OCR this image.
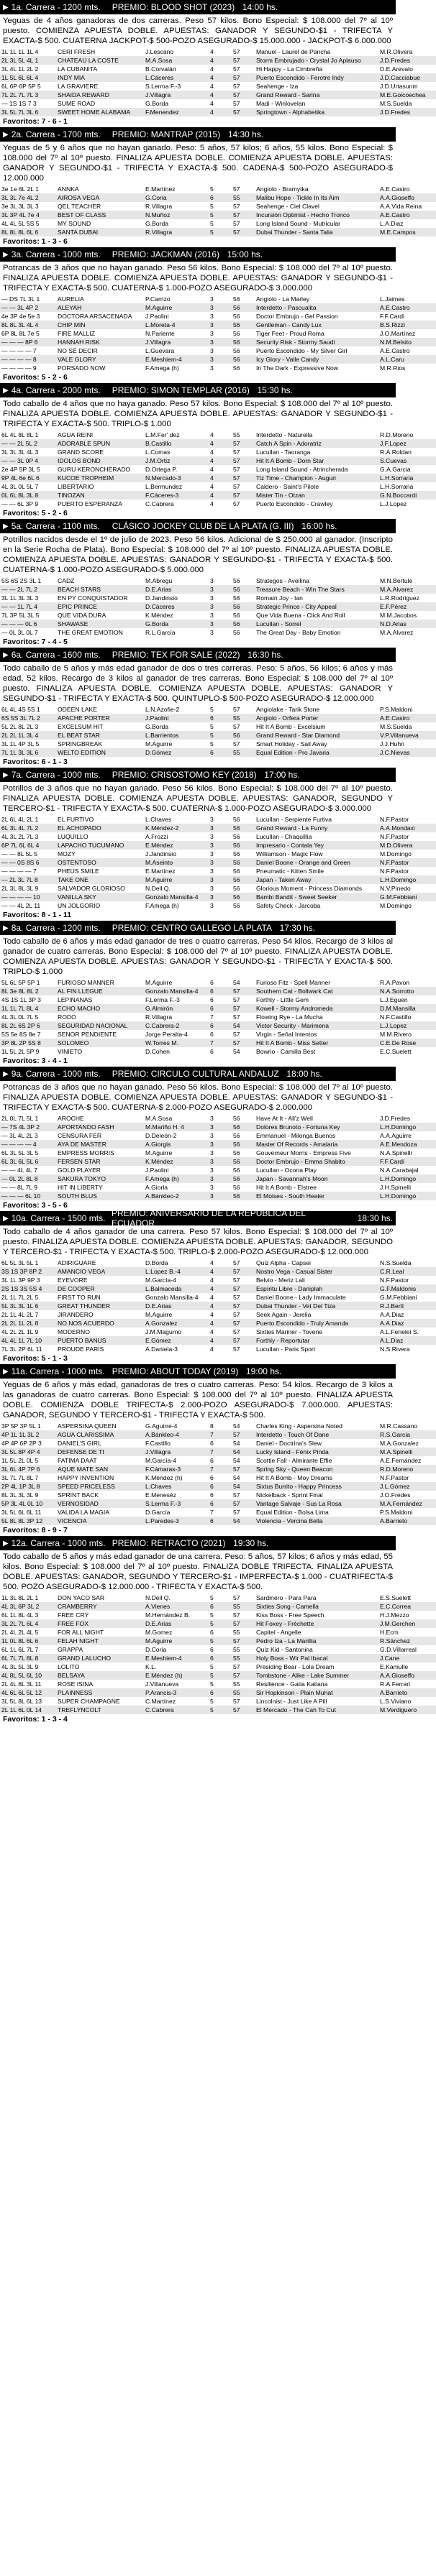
▶ 1a. Carrera - 1200 mts.	PREMIO: BLOOD SHOT (2023) 14:00 hs.
Yeguas de 4 años ganadoras de dos carreras. Peso 57 kilos. Bono Especial: $ 108.000 del 7º al 10º puesto. COMIENZA APUESTA DOBLE. APUESTAS: GANADOR Y SEGUNDO-$1 - TRIFECTA Y EXACTA-$ 500. CUATERNA JACKPOT-$ 500-POZO ASEGURADO-$ 15.000.000 - JACKPOT-$ 6.000.000
1L 1L 1L 1L 4	CERI FRESH	J.Lescano	4	57	Manuel - Laurel de Pancha	M.R.Olivera
2L 3L 5L 4L 1	CHATEAU LA COSTE	M.A.Sosa	4	57	Storm Embrujado - Crystal Jo Aplauso	J.D.Fredes
3L 4L 1L 2L 2	LA CUBANITA	B.Corvalán	4	57	Hi Happy - La Cimbreña	D.E.Arevalo
1L 5L 6L 6L 4	INDY MIA	L.Cáceres	4	57	Puerto Escondido - Ferotre Indy	J.D.Cacciabue
6L 6P 6P 5P 5	LA GRAVIERE	S.Lerma F.-3	4	57	Seahenge - Iza	J.D.Urtasunm
7L 2L 7L 7L 3	SHAIDA REWARD	J.Villagra	4	57	Grand Reward - Sarina	M.E.Goicoechea
— 1S 1S 7 3	SUME ROAD	G.Borda	4	57	Madi - Winlovelan	M.S.Suelda
3L 5L 7L 3L 6	SWEET HOME ALABAMA	F.Menendez	4	57	Springtown - Alphabetika	J.D.Fredes
Favoritos: 7 - 6 - 1
▶ 2a. Carrera - 1700 mts.	PREMIO: MANTRAP (2015) 14:30 hs.
Yeguas de 5 y 6 años que no hayan ganado. Peso: 5 años, 57 kilos; 6 años, 55 kilos. Bono Especial: $ 108.000 del 7º al 10º puesto. FINALIZA APUESTA DOBLE. COMIENZA APUESTA DOBLE. APUESTAS: GANADOR Y SEGUNDO-$1 - TRIFECTA Y EXACTA-$ 500. CADENA-$ 500-POZO ASEGURADO-$ 12.000.000
3e 1e 6L 2L 1	ANNKA	E.Martínez	5	57	Angiolo - Bramytka	A.E.Castro
3L 3L 7e 4L 2	AIROSA VEGA	G.Coria	6	55	Malibu Hope - Tickle In Its Aim	A.A.Gioseffo
3e 3L 3L 3L 3	QEL TEACHER	R.Villagra	5	57	Seahenge - Ciel Clavel	A.A.Vida Reina
3L 3P 4L 7e 4	BEST OF CLASS	N.Muñoz	5	57	Incursión Optimist - Hecho Tronco	A.E.Castro
4L 4L 5L 5S 5	MY SOUND	G.Borda	5	57	Long Island Sound - Mutricular	L.A.Diaz
8L 8L 8L 6L 6	SANTA DUBAI	R.Villagra	5	57	Dubai Thunder - Santa Talia	M.E.Campos
Favoritos: 1 - 3 - 6
▶ 3a. Carrera - 1000 mts.	PREMIO: JACKMAN (2016) 15:00 hs.
Potrancas de 3 años que no hayan ganado. Peso 56 kilos. Bono Especial: $ 108.000 del 7º al 10º puesto. FINALIZA APUESTA DOBLE. COMIENZA APUESTA DOBLE. APUESTAS: GANADOR Y SEGUNDO-$1 - TRIFECTA Y EXACTA-$ 500. CUATERNA-$ 1.000-POZO ASEGURADO-$ 3.000.000
— DS 7L 3L 1	AURELIA	P.Carrizo	3	56	Angiolo - La Marley	L.Jaimes
— — 3L 4P 2	ALEYAH	M.Aguirre	3	56	Interdetto - Pascualita	A.E.Castro
4e 3P 4e 5e 3	DOCTORA ARSACENADA	J.Paolini	3	56	Doctor Embrujo - Gel Passion	F.F.Cardi
8L 8L 3L 4L 4	CHIP MIN	L.Moreta-4	3	56	Gentleman - Candy Lux	B.S.Rizzi
6P 8L 8L 7e 5	FIRE MALLIZ	N.Pariente	3	56	Tiger Feet - Proud Roma	J.O.Martínez
— — — 8P 6	HANNAH RISK	J.Villagra	3	56	Security Risk - Stormy Saudi	N.M.Belsito
— — — — 7	NO SÉ DECIR	L.Guevara	3	56	Puerto Escondido - My Silver Girl	A.E.Castro
— — — — 8	VALE GLORY	E.Meshiem-4	3	56	Icy Glory - Valle Candy	A.L.Caru
— — — — 9	PORSADO NOW	F.Amega (h)	3	56	In The Dark - Expressive Now	M.R.Rios
Favoritos: 5 - 2 - 6
▶ 4a. Carrera - 2000 mts.	PREMIO: SIMON TEMPLAR (2016) 15:30 hs.
Todo caballo de 4 años que no haya ganado. Peso 57 kilos. Bono Especial: $ 108.000 del 7º al 10º puesto. FINALIZA APUESTA DOBLE. COMIENZA APUESTA DOBLE. APUESTAS: GANADOR Y SEGUNDO-$1 - TRIFECTA Y EXACTA-$ 500. TRIPLO-$ 1.000
6L 4L 8L 8L 1	AGUA REINI	L.M.Fer' dez	4	55	Interdetto - Naturella	R.D.Moreno
— — 2L 5L 2	ADORABLE SPUN	B.Castillo	4	57	Catch A Spin - Adoratriz	J.F.Lopez
3L 3L 3L 4L 3	GRAND SCORE	L.Comas	4	57	Lucullan - Taoranga	R.A.Roldan
— — 3L 0P 4	IDOLOS BOND	J.M.Ortiz	4	57	Hit It A Bomb - Dorn Star	S.Cuevas
2e 4P 5P 3L 5	GURU KERONCHERADO	D.Ortega P.	4	57	Long Island Sound - Atrincherada	G.A.Garcia
9P 4L 6e 6L 6	KUCOE TROPHEIM	N.Mercado-3	4	57	Tiz Time - Champion - Auguri	L.H.Sorraria
4L 3L 0L 5L 7	LIBERTARIO	L.Bermundez	4	57	Caldero - Saint's Pilote	L.H.Sorraria
0L 6L 8L 3L 8	TINOZAN	F.Cáceres-3	4	57	Mister Tin - Otzan	G.N.Boccardi
— — 6L 3P 9	PUERTO ESPERANZA	C.Cabrera	4	57	Puerto Escondido - Crawley	L.J.Lopez
Favoritos: 5 - 2 - 6
▶ 5a. Carrera - 1100 mts.	CLÁSICO JOCKEY CLUB DE LA PLATA (G. III) 16:00 hs.
Potrillos nacidos desde el 1º de julio de 2023. Peso 56 kilos. Adicional de $ 250.000 al ganador. (Inscripto en la Serie Rocha de Plata). Bono Especial: $ 108.000 del 7º al 10º puesto. FINALIZA APUESTA DOBLE. COMIENZA APUESTA DOBLE. APUESTAS: GANADOR Y SEGUNDO-$1 - TRIFECTA Y EXACTA-$ 500. CUATERNA-$ 1.000-POZO ASEGURADO-$ 5.000.000
5S 6S 2S 3L 1	CADZ	M.Abregu	3	56	Strategos - Avellina	M.N.Bertule
— — 2L 7L 2	BEACH STARS	D.E.Arias	3	56	Treasure Beach - Win The Stars	M.A.Alvarez
3L 1L 3L 3L 3	EN PY CONQUISTADOR	D.Jandinsio	3	56	Romain Joy - Ian	L.R.Rodriguez
— — 1L 7L 4	EPIC PRINCE	D.Cáceres	3	56	Strategic Prince - City Appeal	E.F.Pérez
7L 3P 5L 3L 5	QUE VIDA DURA	K.Méndez	3	56	Que Vida Buena - Click And Roll	M.M.Jacobos
— — — 0L 6	SHAWASE	G.Borda	3	56	Lucullan - Sorrel	N.D.Arias
— 0L 3L 0L 7	THE GREAT EMOTION	R.L.García	3	56	The Great Day - Baby Emotion	M.A.Alvarez
Favoritos: 7 - 4 - 5
▶ 6a. Carrera - 1600 mts.	PREMIO: TEX FOR SALE (2022) 16:30 hs.
Todo caballo de 5 años y más edad ganador de dos o tres carreras. Peso: 5 años, 56 kilos; 6 años y más edad, 52 kilos. Recargo de 3 kilos al ganador de tres carreras. Bono Especial: $ 108.000 del 7º al 10º puesto. FINALIZA APUESTA DOBLE. COMIENZA APUESTA DOBLE. APUESTAS: GANADOR Y SEGUNDO-$1 - TRIFECTA Y EXACTA-$ 500. QUINTUPLO-$ 500-POZO ASEGURADO-$ 12.000.000
6L 4L 4S 5S 1	ODEEN LAKE	L.N.Azofie-2	5	57	Angiolake - Tarik Stone	P.S.Maldoni
6S 5S 3L 7L 2	APACHE PORTER	J.Paolini	6	55	Angiolo - Orfera Porter	A.E.Castro
5L 2L 8L 2L 3	EXCELSUM HIT	G.Borda	5	57	Hit It A Bomb - Excelsium	M.S.Suelda
2L 2L 1L 3L 4	EL BEAT STAR	L.Barrientos	5	56	Grand Reward - Star Diamond	V.P.Villanueva
3L 1L 4P 3L 5	SPRINGBREAK	M.Aguirre	5	57	Smart Holiday - Sail Away	J.J.Huhn
7L 1L 3L 3L 6	WELTO EDITION	D.Gómez	6	55	Equal Edition - Pro Javaria	J.C.Nievas
Favoritos: 6 - 1 - 3
▶ 7a. Carrera - 1000 mts.	PREMIO: CRISOSTOMO KEY (2018) 17:00 hs.
Potrillos de 3 años que no hayan ganado. Peso 56 kilos. Bono Especial: $ 108.000 del 7º al 10º puesto. FINALIZA APUESTA DOBLE. COMIENZA APUESTA DOBLE. APUESTAS: GANADOR, SEGUNDO Y TERCERO-$1 - TRIFECTA Y EXACTA-$ 500. CUATERNA-$ 1.000-POZO ASEGURADO-$ 3.000.000
2L 6L 4L 2L 1	EL FURTIVO	L.Chaves	3	56	Lucullan - Serpiente Furtiva	N.F.Pastor
6L 3L 4L 7L 2	EL ACHOPADO	K.Méndez-2	3	56	Grand Reward - La Funny	A.A.Mondaxi
4L 3L 2L 7L 3	LUQUILLO	A.Frozzi	3	56	Lucullan - Chaquillia	N.F.Pastor
6P 7L 6L 6L 4	LAPACHO TUCUMANO	E.Méndez	3	56	Impresario - Contala Yey	M.D.Olivera
— — 8L 5L 5	MOZY	J.Jandinsio	3	56	Williamson - Magic Flow	M.Domingo
— — 0S 8S 6	OSTENTOSO	M.Aseinto	3	56	Daniel Boone - Orange and Green	N.F.Pastor
— — — — 7	PHEUS SMILE	E.Martínez	3	56	Pneumatic - Kitten Smile	N.F.Pastor
— 2L 3L 7L 8	TAKE ONE	M.Aguirre	3	56	Japan - Taken Away	L.H.Domingo
2L 3L 8L 3L 9	SALVADOR GLORIOSO	N.Dell Q.	3	56	Glorious Moment - Princess Diamonds	N.V.Pinedo
— — — — 10	VANILLA SKY	Gonzalo Mansilla-4	3	56	Bambi Bandit - Sweet Seeker	G.M.Febbiani
— — 4L 2L 11	UN JOLGORIO	F.Amega (h)	3	56	Safety Check - Jarcoba	M.Domingo
Favoritos: 8 - 1 - 11
▶ 8a. Carrera - 1200 mts.	PREMIO: CENTRO GALLEGO LA PLATA 17:30 hs.
Todo caballo de 6 años y más edad ganador de tres o cuatro carreras. Peso 54 kilos. Recargo de 3 kilos al ganador de cuatro carreras. Bono Especial: $ 108.000 del 7º al 10º puesto. FINALIZA APUESTA DOBLE. COMIENZA APUESTA DOBLE. APUESTAS: GANADOR Y SEGUNDO-$1 - TRIFECTA Y EXACTA-$ 500. TRIPLO-$ 1.000
5L 6L 5P 5P 1	FURIOSO MANNER	M.Aguirre	6	54	Furioso Fitz - Spell Manner	R.A.Pavon
8L 3e 8L 8L 2	AL FIN LLEGUE	Gonzalo Mansilla-4	6	57	Southern Cat - Bollwark Cat	N.A.Sorrotto
4S 1S 1L 3P 3	LEPINANAS	F.Lerma F.-3	6	57	Forthly - Little Gem	L.J.Eguen
1L 1L 7L 8L 4	ECHO MACHO	G.Almirón	6	57	Kowell - Stormy Andromeda	D.M.Mansilla
4L 3L 0L 7L 5	RODO	R.Villagra	7	57	Flowing Rye - La Mucha	N.F.Castillo
8L 2L 6S 2P 6	SEGURIDAD NACIONAL	C.Cabrera-2	6	54	Victor Security - Marimena	L.J.Lopez
5S 5e 8S 8e 7	SENOR PENDIENTE	Jorge Peralta-4	6	57	Virgin - Seňal Intentos	M.M.Rivero
3P 8L 2P 5S 8	SOLOMEO	W.Torres M.	7	57	Hit It A Bomb - Miss Setter	C.E.De Rose
1L 5L 2L 5P 9	VINIETO	D.Cohen	6	54	Bowrio - Camilla Best	E.C.Suelett
Favoritos: 3 - 4 - 1
▶ 9a. Carrera - 1000 mts.	PREMIO: CIRCULO CULTURAL ANDALUZ 18:00 hs.
Potrancas de 3 años que no hayan ganado. Peso 56 kilos. Bono Especial: $ 108.000 del 7º al 10º puesto. FINALIZA APUESTA DOBLE. COMIENZA APUESTA DOBLE. APUESTAS: GANADOR Y SEGUNDO-$1 - TRIFECTA Y EXACTA-$ 500. CUATERNA-$ 2.000-POZO ASEGURADO-$ 2.000.000
2L 0L 7L 5L 1	AROCHE	M.A.Sosa	3	56	Have At It - All'z Well	J.D.Fredes
— 7S 4L 3P 2	APORTANDO FASH	M.Mariño H. 4	3	56	Dolores Brunoto - Fortuna Key	L.H.Domingo
— 3L 4L 2L 3	CENSURA FER	D.Deleón-2	3	56	Emmanuel - Milonga Buenos	A.A.Aguirre
— — — — 4	AYA DE MASTER	A.Giorgis	3	56	Master Of Records - Amalaria	A.E.Mendoza
6L 3L 5L 3L 5	EMPRESS MORRIS	M.Aguirre	3	56	Gouverneur Morris - Empress Five	N.A.Spinelli
6L 3L 6L 5L 6	FERSEN STAR	K.Méndez	3	56	Doctor Embrujo - Emma Shabito	F.F.Cardi
— — 4L 4L 7	GOLD PLAYER	J.Paolini	3	56	Lucullan - Ocona Play	N.A.Carabajal
— 0L 2L 8L 8	SAKURA TOKYO	F.Amega (h)	3	56	Japan - Savannah's Moon	L.H.Domingo
— — 8L 7L 9	HIT IN LIBERTY	A.Giorla	3	56	Hit It A Bomb - Elstree	J.H.Spinelli
— — — 6L 10	SOUTH BLUS	A.Bánkleo-2	3	56	El Moises - South Healer	L.H.Domingo
Favoritos: 3 - 5 - 6
▶ 10a. Carrera - 1500 mts. PREMIO: ANIVERSARIO DE LA REPÚBLICA DEL ECUADOR	18:30 hs.
Todo caballo de 4 años ganador de una carrera. Peso 57 kilos. Bono Especial: $ 108.000 del 7º al 10º puesto. FINALIZA APUESTA DOBLE. COMIENZA APUESTA DOBLE. APUESTAS: GANADOR, SEGUNDO Y TERCERO-$1 - TRIFECTA Y EXACTA-$ 500. TRIPLO-$ 2.000-POZO ASEGURADO-$ 12.000.000
6L 5L 3L 5L 1	ADIRIGUARE	D.Borda	4	57	Quiz Alpha - Capsei	N.S.Suelda
3S 1S 3P 8P 2	AMANCIO VEGA	L.Lopez B.-4	4	57	Nostro Vega - Casual Sister	C.R.Leal
3L 1L 3P 9P 3	EYEVORE	M.García-4	4	57	Belvio - Meriz Lali	N.F.Pastor
2S 1S 3S 5S 4	DE COOPER	L.Balmaceda	4	57	Espíritu Libre - Daniplah	G.F.Maldonis
2L 1L 7L 2L 5	FIRST TO RUN	Gonzalo Mansilla-4	4	57	Daniel Boone - Lady Immaculate	G.M.Febbiani
5L 3L 3L 1L 6	GREAT THUNDER	D.E.Arias	4	57	Dubai Thunder - Vet Del Tiza	R.J.Bertl
2L 1L 4L 2L 7	JIRANDERO	M.Aguirre	4	57	Seek Again - Jerelia	A.A.Diaz
2L 2L 1L 2L 8	NO NOS ACUERDO	A.Gonzalez	4	57	Puerto Escondido - Truly Amanda	A.A.Diaz
4L 2L 2L 1L 9	MODERNO	J.M.Magurno	4	57	Sixties Mariner - Tovene	A.L.Fenelei S.
4L 4L 1L 7L 10	PUERTO BANUS	E.Gómez	4	57	Forthly - Reportutar	A.L.Diaz
7L 3L 2P 6L 11	PROUDE PARIS	A.Daniela-3	4	57	Lucullan - Paris Sport	N.S.Rivera
Favoritos: 5 - 1 - 3
▶ 11a. Carrera - 1000 mts. PREMIO: ABOUT TODAY (2019) 19:00 hs.
Yeguas de 6 años y más edad, ganadoras de tres o cuatro carreras. Peso: 54 kilos. Recargo de 3 kilos a las ganadoras de cuatro carreras. Bono Especial: $ 108.000 del 7º al 10º puesto. FINALIZA APUESTA DOBLE. COMIENZA DOBLE TRIFECTA-$ 2.000-POZO ASEGURADO-$ 7.000.000. APUESTAS: GANADOR, SEGUNDO Y TERCERO-$1 - TRIFECTA Y EXACTA-$ 500.
3P 5P 3P 5L 1	ASPERSINA QUEEN	G.Aguirre-4	8	54	Charles King - Aspersina Noted	M.R.Cassano
4P 1L 1L 3L 2	AGUA CLARISSIMA	A.Bánkleo-4	7	57	Interdetto - Touch Of Dane	R.S.Garcia
4P 4P 6P 2P 3	DANIEL'S GIRL	F.Castillo	6	54	Daniel - Doctrina's Slew	M.A.Gonzalez
3L 5L 8P 4P 4	DEFENSE DE TI	J.Villagra	7	54	Lucky Island - Fénix Pinda	M.A.Spinelli
1L 5L 2L 0L 5	FATIMA DAAT	M.García-4	6	54	Scottie Fall - Almirante Effie	A.E.Fernández
3L 6L 4P 7P 6	AQUE MATE SAN	F.Cámaras-3	7	57	Spring Sky - Queen Beacon	R.D.Moreno
3L 7L 7L 8L 7	HAPPY INVENTION	K.Méndez (h)	6	54	Hit It A Bomb - Moy Dreams	N.F.Pastor
2P 4L 1P 3L 8	SPEED PRICELESS	L.Chaves	6	54	Sixtus Burrito - Happy Princess	J.L.Gómez
8L 3L 3L 3L 9	SPRINT BACK	E.Meneséz	6	57	Nickelback - Sprint Final	J.O.Fredes
5P 3L 4L 0L 10	VERNOSIDAD	S.Lerma F.-3	6	57	Vantage Salvaje - Sus La Rosa	M.A.Fernández
3L 5L 6L 6L 11	VALIDA LA MAGIA	D.García	7	57	Equal Edition - Bolsa Lima	P.S.Maldoni
5L 8L 8L 3P 12	VICENCIA	L.Paredes-3	6	54	Violencia - Vercina Bella	A.Barrieto
Favoritos: 8 - 9 - 7
▶ 12a. Carrera - 1000 mts. PREMIO: RETRACTO (2021) 19:30 hs.
Todo caballo de 5 años y más edad ganador de una carrera. Peso: 5 años, 57 kilos; 6 años y más edad, 55 kilos. Bono Especial: $ 108.000 del 7º al 10º puesto. FINALIZA DOBLE TRIFECTA. FINALIZA APUESTA DOBLE. APUESTAS: GANADOR, SEGUNDO Y TERCERO-$1 - IMPERFECTA-$ 1.000 - CUATRIFECTA-$ 500. POZO ASEGURADO-$ 12.000.000 - TRIFECTA Y EXACTA-$ 500.
1L 3L 8L 2L 1	DON YACO SAR	N.Dell Q.	5	57	Sardinero - Para Para	E.S.Suelett
4L 3L 6P 3L 2	CRAMBERRY	A.Vienes	6	55	Sixties Song - Camella	E.C.Correa
6L 1L 8L 4L 3	FREE CRY	M.Hernández B.	5	57	Kiss Boss - Free Speech	H.J.Mezzo
3L 2L 7L 6L 4	FREE FOX	D.E.Arias	5	57	Hit Foxey - Fréchette	J.M.Gerchen
2L 4L 2L 4L 5	FOR ALL NIGHT	M.Gomez	6	55	Capitel - Angelle	H.Ecm
1L 0L 8L 6L 6	FELAH NIGHT	M.Aguirre	5	57	Pedro Iza - La Marillia	R.Sánchez
6L 1L 6L 7L 7	GRAPPA	D.Coria	6	55	Quiz Kid - Santonina	G.D.Villarreal
6L 7L 7L 8L 8	GRAND LALUCHO	E.Meshiem-4	6	55	Holy Boss - Wir Pal Ibacal	J.Cane
4L 3L 5L 3L 9	LOLITO	K.L.	5	57	Presiding Bear - Lola Dream	E.Kamulle
4L 8L 5L 6L 10	BELSAYA	E.Méndez (h)	5	57	Tombstone - Alike - Lake Summer	A.A.Gioseffo
2L 4L 8L 3L 11	ROSE ISINA	J.Villanueva	5	55	Resilience - Gatia Katiana	R.A.Ferrari
4L 6L 6L 5L 12	PLAINNESS	P.Arancis-3	6	55	Sir Hopkinson - Plain Muhat	A.Barrieto
3L 5L 8L 6L 13	SUPER CHAMPAGNE	C.Martínez	5	57	Lincolnist - Just Like A Pill	L.S.Viviano
2L 1L 6L 0L 14	TREFLYNCOLT	C.Cabrera	5	57	El Mercado - The Cah To Cut	M.Verdiguero
Favoritos: 1 - 3 - 4
